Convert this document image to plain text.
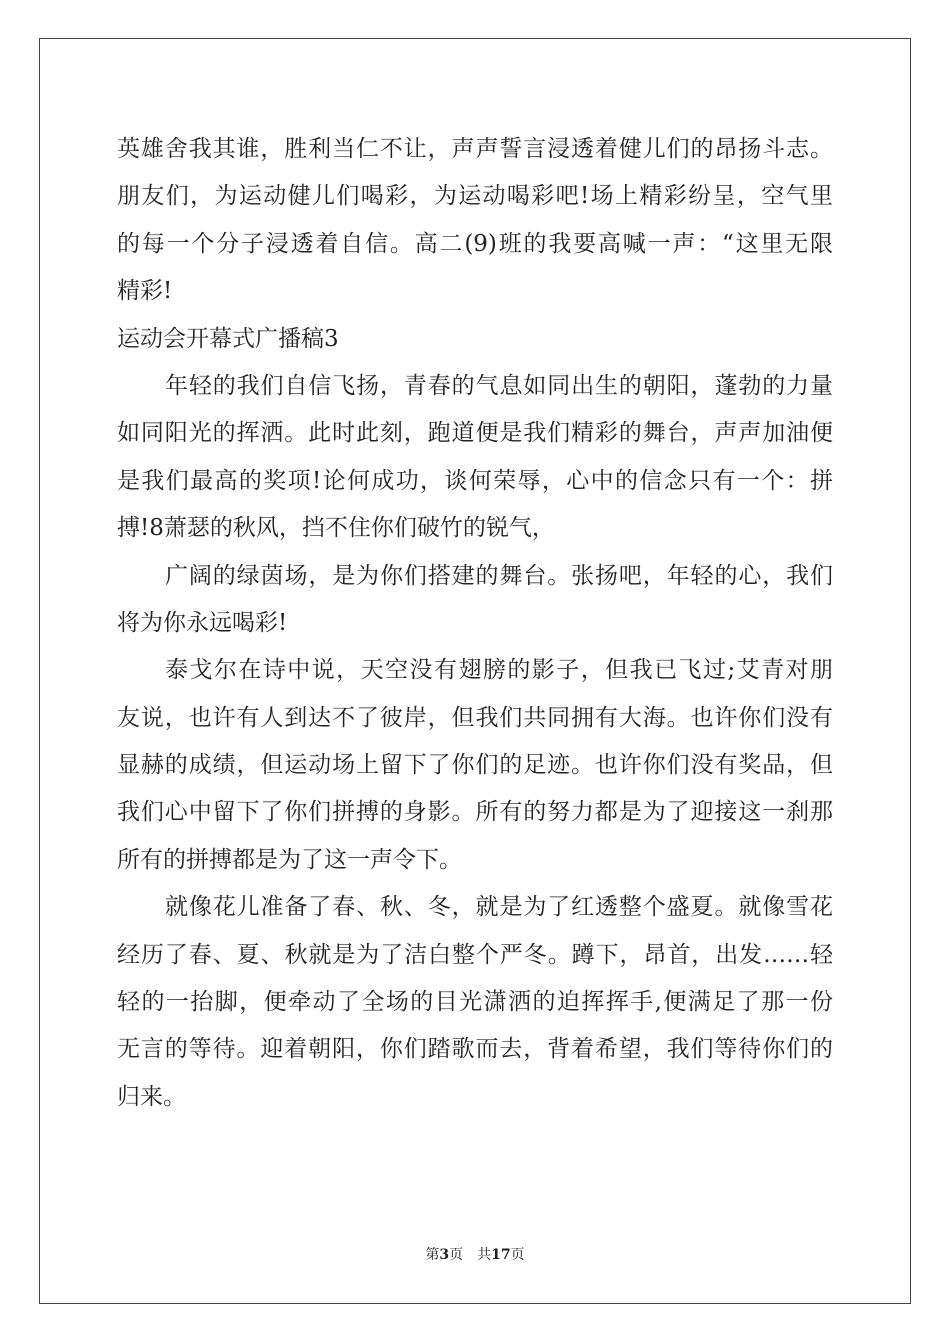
英雄舍我其谁，胜利当仁不让，声声誓言浸透着健儿们的昂扬斗志。
朋友们，为运动健儿们喝彩，为运动喝彩吧!场上精彩纷呈，空气里
的每一个分子浸透着自信。高二(9)班的我要高喊一声：“这里无限
精彩!
运动会开幕式广播稿3
年轻的我们自信飞扬，青春的气息如同出生的朝阳，蓬勃的力量
如同阳光的挥洒。此时此刻，跑道便是我们精彩的舞台，声声加油便
是我们最高的奖项!论何成功，谈何荣辱，心中的信念只有一个：拼
搏!8萧瑟的秋风，挡不住你们破竹的锐气，
广阔的绿茵场，是为你们搭建的舞台。张扬吧，年轻的心，我们
将为你永远喝彩!
泰戈尔在诗中说，天空没有翅膀的影子，但我已飞过;艾青对朋
友说，也许有人到达不了彼岸，但我们共同拥有大海。也许你们没有
显赫的成绩，但运动场上留下了你们的足迹。也许你们没有奖品，但
我们心中留下了你们拼搏的身影。所有的努力都是为了迎接这一刹那
所有的拼搏都是为了这一声令下。
就像花儿准备了春、秋、冬，就是为了红透整个盛夏。就像雪花
经历了春、夏、秋就是为了洁白整个严冬。蹲下，昂首，出发……轻
轻的一抬脚，便牵动了全场的目光潇洒的迫挥挥手,便满足了那一份
无言的等待。迎着朝阳，你们踏歌而去，背着希望，我们等待你们的
归来。
第3页 共17页
